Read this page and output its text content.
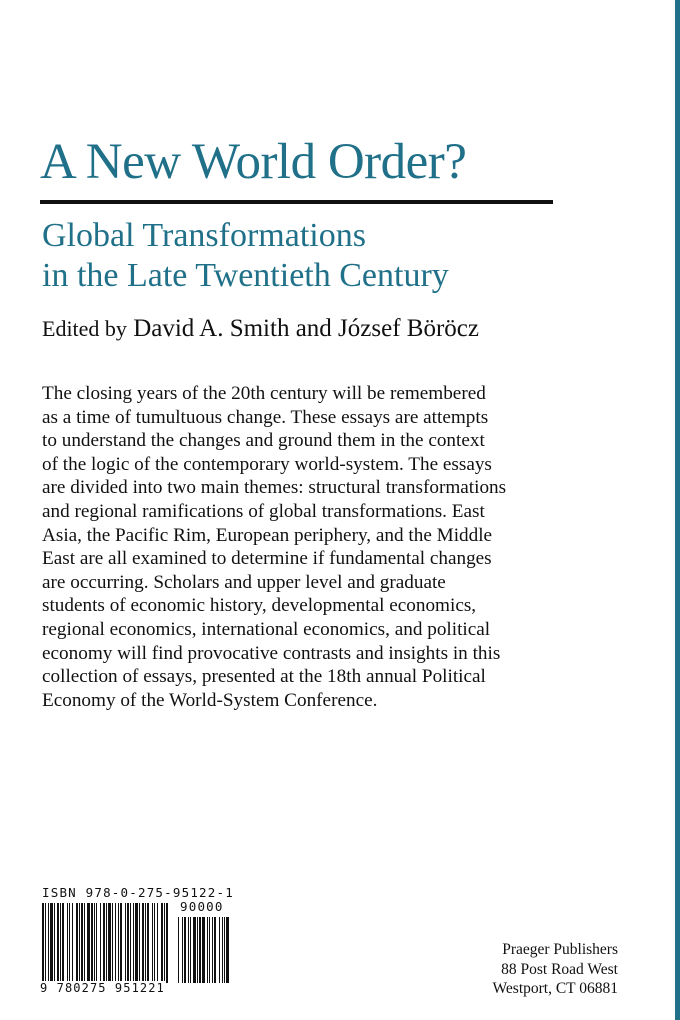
A New World Order?
Global Transformations
in the Late Twentieth Century
Edited by David A. Smith and József Böröcz
The closing years of the 20th century will be remembered
as a time of tumultuous change. These essays are attempts
to understand the changes and ground them in the context
of the logic of the contemporary world-system. The essays
are divided into two main themes: structural transformations
and regional ramifications of global transformations. East
Asia, the Pacific Rim, European periphery, and the Middle
East are all examined to determine if fundamental changes
are occurring. Scholars and upper level and graduate
students of economic history, developmental economics,
regional economics, international economics, and political
economy will find provocative contrasts and insights in this
collection of essays, presented at the 18th annual Political
Economy of the World-System Conference.
ISBN 978-0-275-95122-1
90000
9 780275 951221
Praeger Publishers
88 Post Road West
Westport, CT 06881
